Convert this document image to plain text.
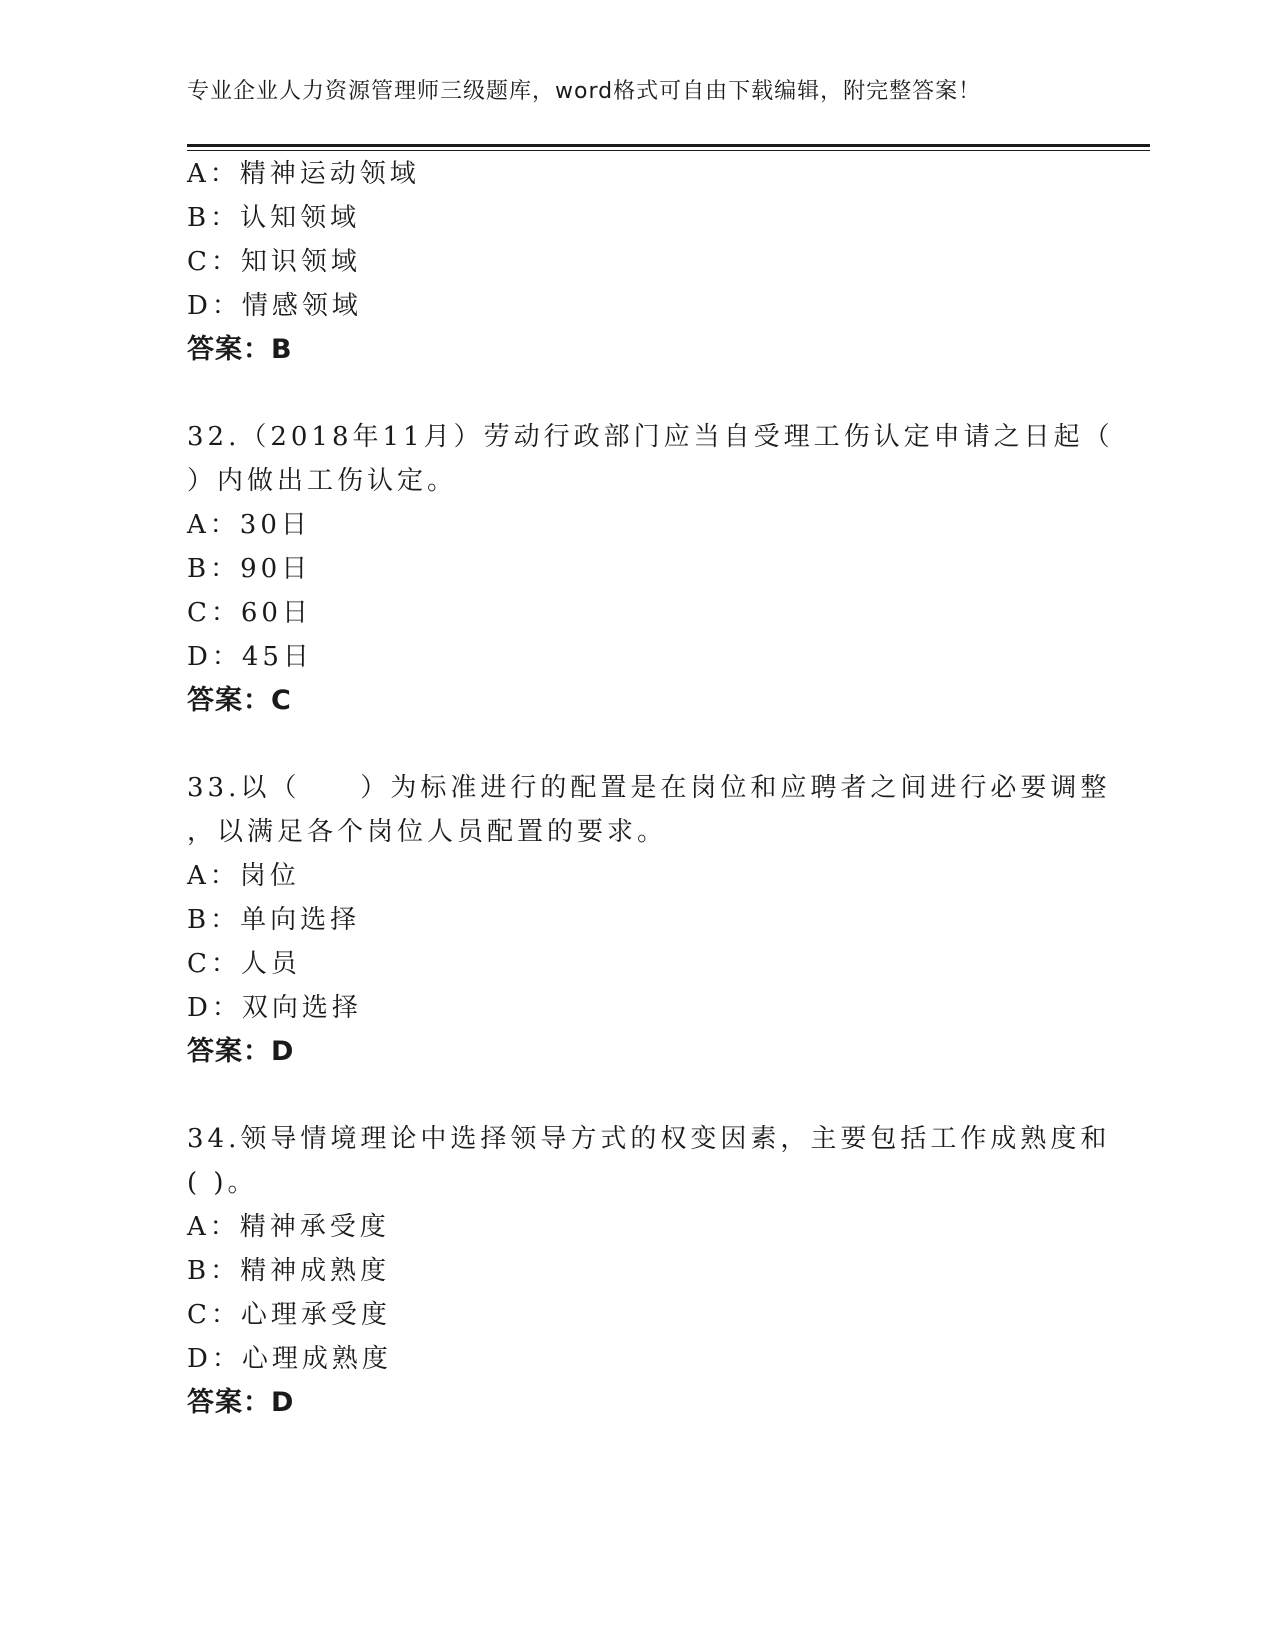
专业企业人力资源管理师三级题库，word格式可自由下载编辑，附完整答案！
A：精神运动领域
B：认知领域
C：知识领域
D：情感领域
答案：B
32.（2018年11月）劳动行政部门应当自受理工伤认定申请之日起（
）内做出工伤认定。
A：30日
B：90日
C：60日
D：45日
答案：C
33.以（　　）为标准进行的配置是在岗位和应聘者之间进行必要调整
，以满足各个岗位人员配置的要求。
A：岗位
B：单向选择
C：人员
D：双向选择
答案：D
34.领导情境理论中选择领导方式的权变因素，主要包括工作成熟度和
( )。
A：精神承受度
B：精神成熟度
C：心理承受度
D：心理成熟度
答案：D
